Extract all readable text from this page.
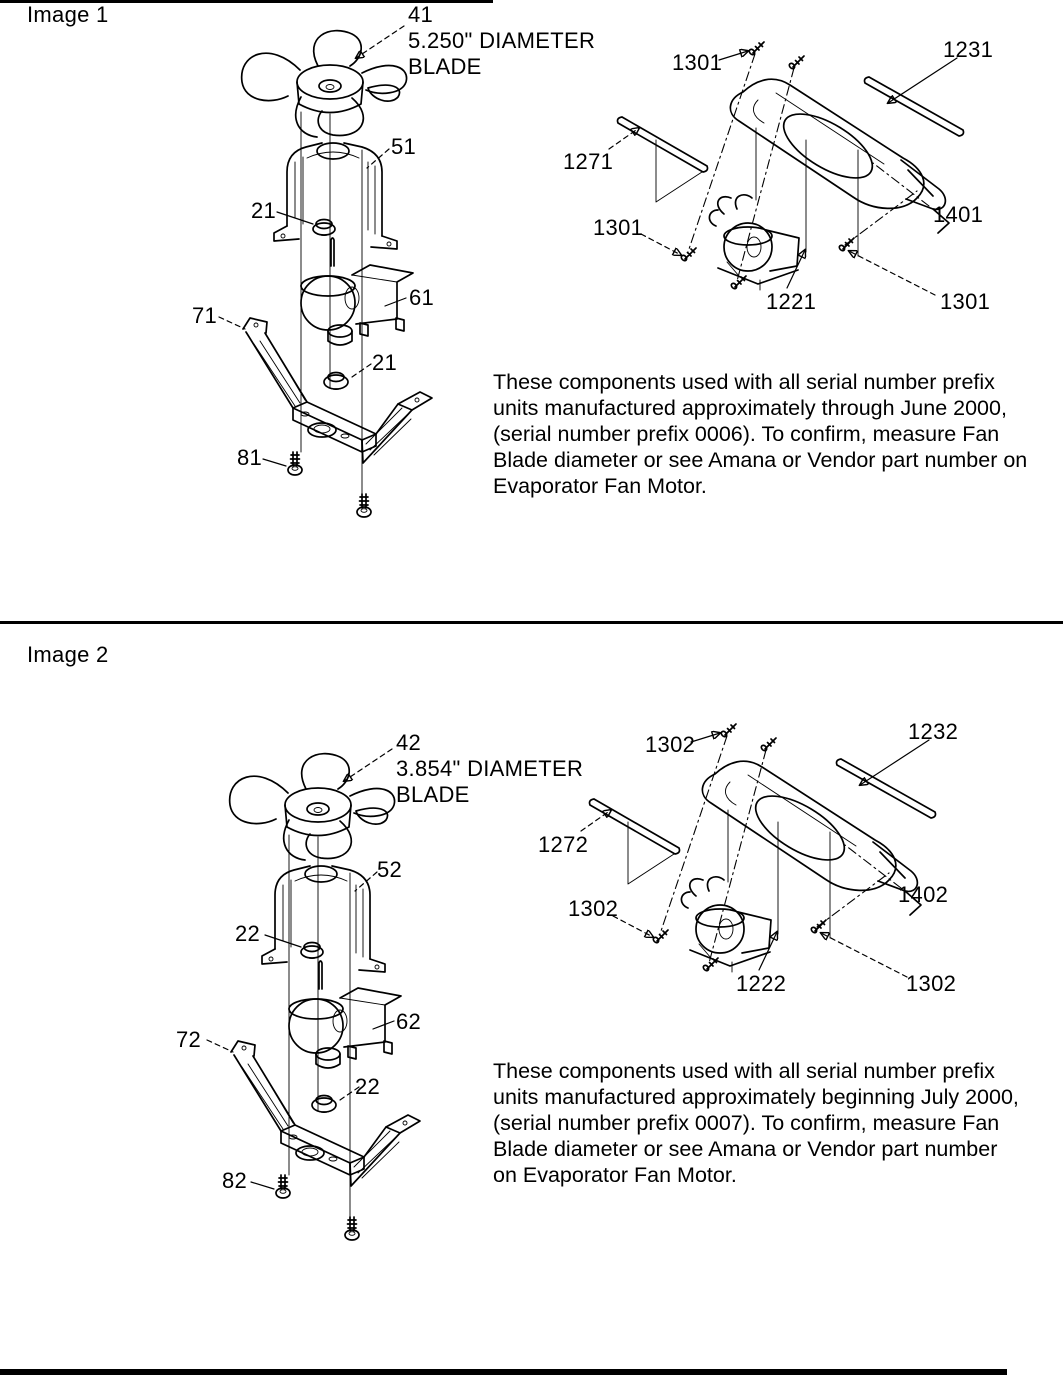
Image 1	41
5.250" DIAMETER
BLADE
51
21
61
71
21
81
1301
1231
1271
1301
1401
1221	1301
These components used with all serial number prefix
units manufactured approximately through June 2000,
(serial number prefix 0006). To confirm, measure Fan
Blade diameter or see Amana or Vendor part number on
Evaporator Fan Motor.
Image 2
42
3.854" DIAMETER
BLADE
52
22
62
72
22
82
1302
1232
1272
1302
1402
1222	1302
These components used with all serial number prefix
units manufactured approximately beginning July 2000,
(serial number prefix 0007). To confirm, measure Fan
Blade diameter or see Amana or Vendor part number
on Evaporator Fan Motor.
